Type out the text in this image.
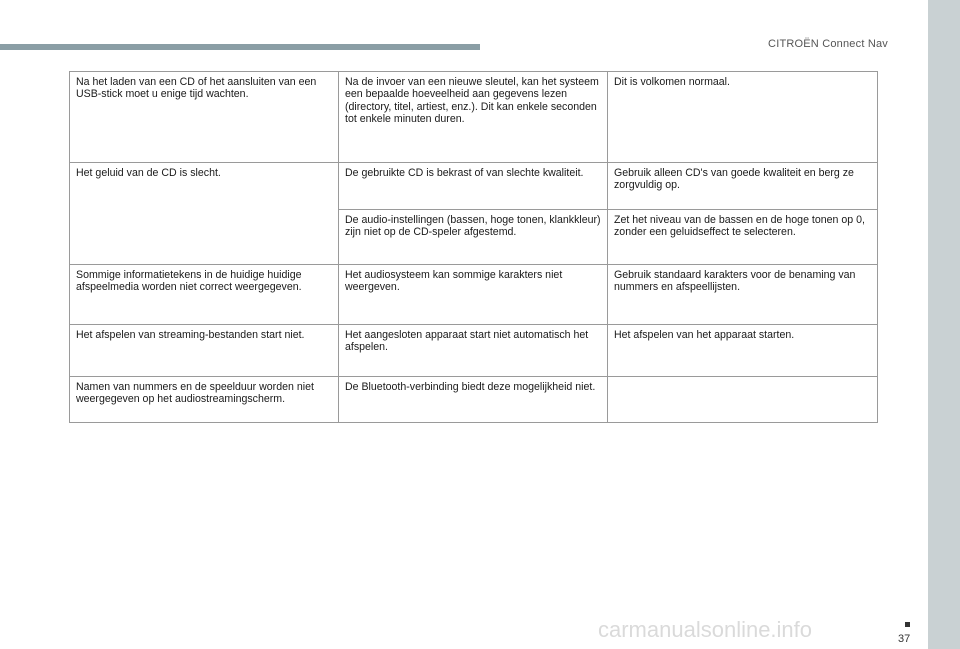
CITROËN Connect Nav
Na het laden van een CD of het aansluiten van een USB-stick moet u enige tijd wachten.	Na de invoer van een nieuwe sleutel, kan het systeem een bepaalde hoeveelheid aan gegevens lezen (directory, titel, artiest, enz.). Dit kan enkele seconden tot enkele minuten duren.	Dit is volkomen normaal.
Het geluid van de CD is slecht.	De gebruikte CD is bekrast of van slechte kwaliteit.	Gebruik alleen CD's van goede kwaliteit en berg ze zorgvuldig op.
	De audio-instellingen (bassen, hoge tonen, klankkleur) zijn niet op de CD-speler afgestemd.	Zet het niveau van de bassen en de hoge tonen op 0, zonder een geluidseffect te selecteren.
Sommige informatietekens in de huidige huidige afspeelmedia worden niet correct weergegeven.	Het audiosysteem kan sommige karakters niet weergeven.	Gebruik standaard karakters voor de benaming van nummers en afspeellijsten.
Het afspelen van streaming-bestanden start niet.	Het aangesloten apparaat start niet automatisch het afspelen.	Het afspelen van het apparaat starten.
Namen van nummers en de speelduur worden niet weergegeven op het audiostreamingscherm.	De Bluetooth-verbinding biedt deze mogelijkheid niet.	
37
carmanualsonline.info
